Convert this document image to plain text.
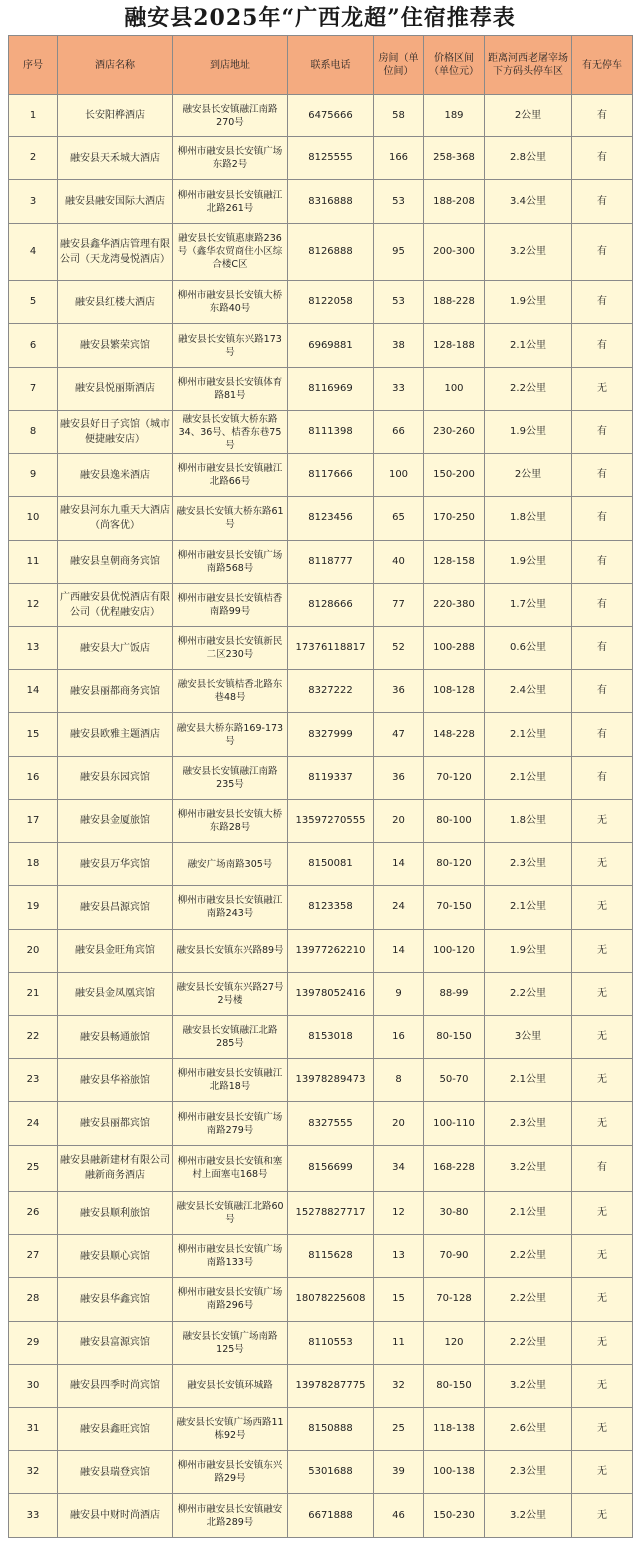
融安县2025年“广西龙超”住宿推荐表
序号	酒店名称	到店地址	联系电话	房间（单位间）	价格区间（单位元）	距离河西老屠宰场下方码头停车区	有无停车
1	长安阳桦酒店	融安县长安镇融江南路270号	6475666	58	189	2公里	有
2	融安县天禾城大酒店	柳州市融安县长安镇广场东路2号	8125555	166	258-368	2.8公里	有
3	融安县融安国际大酒店	柳州市融安县长安镇融江北路261号	8316888	53	188-208	3.4公里	有
4	融安县鑫华酒店管理有限公司（天龙湾曼悦酒店）	融安县长安镇惠康路236号（鑫华农贸商住小区综合楼C区	8126888	95	200-300	3.2公里	有
5	融安县红楼大酒店	柳州市融安县长安镇大桥东路40号	8122058	53	188-228	1.9公里	有
6	融安县繁荣宾馆	融安县长安镇东兴路173号	6969881	38	128-188	2.1公里	有
7	融安县悦丽斯酒店	柳州市融安县长安镇体育路81号	8116969	33	100	2.2公里	无
8	融安县好日子宾馆（城市便捷融安店）	融安县长安镇大桥东路34、36号、桔香东巷75号	8111398	66	230-260	1.9公里	有
9	融安县逸米酒店	柳州市融安县长安镇融江北路66号	8117666	100	150-200	2公里	有
10	融安县河东九重天大酒店（尚客优）	融安县长安镇大桥东路61号	8123456	65	170-250	1.8公里	有
11	融安县皇朝商务宾馆	柳州市融安县长安镇广场南路568号	8118777	40	128-158	1.9公里	有
12	广西融安县优悦酒店有限公司（优程融安店）	柳州市融安县长安镇桔香南路99号	8128666	77	220-380	1.7公里	有
13	融安县大广饭店	柳州市融安县长安镇新民二区230号	17376118817	52	100-288	0.6公里	有
14	融安县丽都商务宾馆	融安县长安镇桔香北路东巷48号	8327222	36	108-128	2.4公里	有
15	融安县欧雅主题酒店	融安县大桥东路169-173号	8327999	47	148-228	2.1公里	有
16	融安县东园宾馆	融安县长安镇融江南路235号	8119337	36	70-120	2.1公里	有
17	融安县金厦旅馆	柳州市融安县长安镇大桥东路28号	13597270555	20	80-100	1.8公里	无
18	融安县万华宾馆	融安广场南路305号	8150081	14	80-120	2.3公里	无
19	融安县昌源宾馆	柳州市融安县长安镇融江南路243号	8123358	24	70-150	2.1公里	无
20	融安县金旺角宾馆	融安县长安镇东兴路89号	13977262210	14	100-120	1.9公里	无
21	融安县金凤凰宾馆	融安县长安镇东兴路27号2号楼	13978052416	9	88-99	2.2公里	无
22	融安县畅通旅馆	融安县长安镇融江北路285号	8153018	16	80-150	3公里	无
23	融安县华裕旅馆	柳州市融安县长安镇融江北路18号	13978289473	8	50-70	2.1公里	无
24	融安县丽都宾馆	柳州市融安县长安镇广场南路279号	8327555	20	100-110	2.3公里	无
25	融安县融新建材有限公司融新商务酒店	柳州市融安县长安镇和塞村上面塞屯168号	8156699	34	168-228	3.2公里	有
26	融安县顺利旅馆	融安县长安镇融江北路60号	15278827717	12	30-80	2.1公里	无
27	融安县顺心宾馆	柳州市融安县长安镇广场南路133号	8115628	13	70-90	2.2公里	无
28	融安县华鑫宾馆	柳州市融安县长安镇广场南路296号	18078225608	15	70-128	2.2公里	无
29	融安县富源宾馆	融安县长安镇广场南路125号	8110553	11	120	2.2公里	无
30	融安县四季时尚宾馆	融安县长安镇环城路	13978287775	32	80-150	3.2公里	无
31	融安县鑫旺宾馆	融安县长安镇广场西路11栋92号	8150888	25	118-138	2.6公里	无
32	融安县瑞登宾馆	柳州市融安县长安镇东兴路29号	5301688	39	100-138	2.3公里	无
33	融安县中财时尚酒店	柳州市融安县长安镇融安北路289号	6671888	46	150-230	3.2公里	无
